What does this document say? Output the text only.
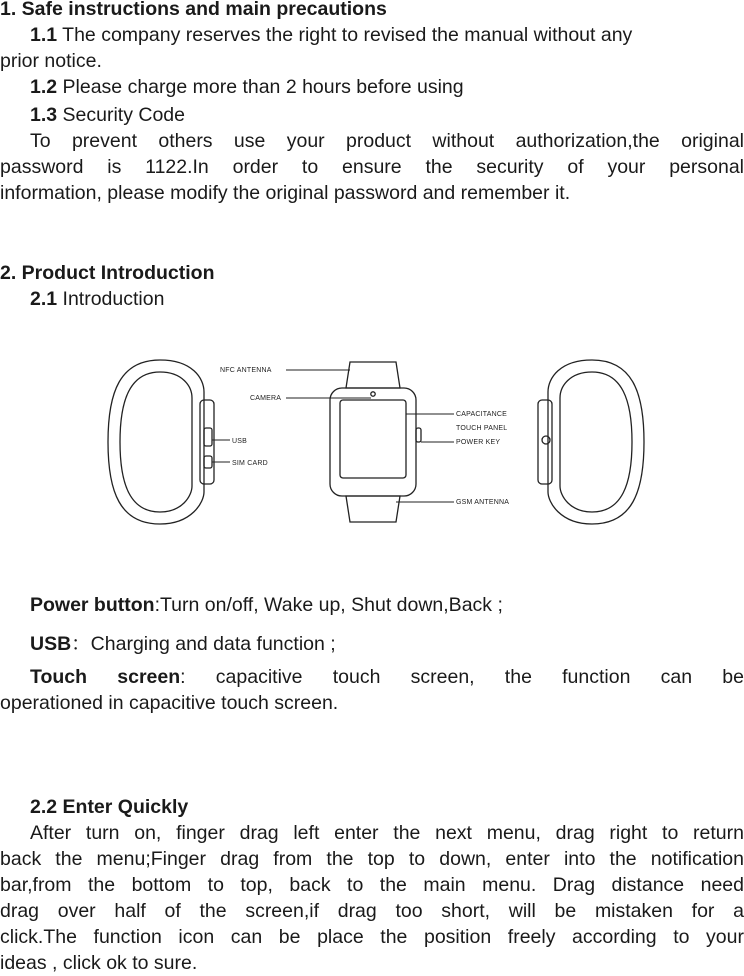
1. Safe instructions and main precautions

1.1 The company reserves the right to revised the manual without any

prior notice.

1.2 Please charge more than 2 hours before using

1.3 Security Code

To prevent others use your product without authorization,the original

password is 1122.In order to ensure the security of your personal

information, please modify the original password and remember it.

2. Product Introduction

2.1 Introduction

NFC ANTENNA
CAMERA
USB
SIM CARD
CAPACITANCE
TOUCH PANEL
POWER KEY
GSM ANTENNA

Power button:Turn on/off, Wake up, Shut down,Back ;

USB：Charging and data function ;

Touch screen: capacitive touch screen, the function can be

operationed in capacitive touch screen.

2.2 Enter Quickly

After turn on, finger drag left enter the next menu, drag right to return

back the menu;Finger drag from the top to down, enter into the notification

bar,from the bottom to top, back to the main menu. Drag distance need

drag over half of the screen,if drag too short, will be mistaken for a

click.The function icon can be place the position freely according to your

ideas , click ok to sure.
